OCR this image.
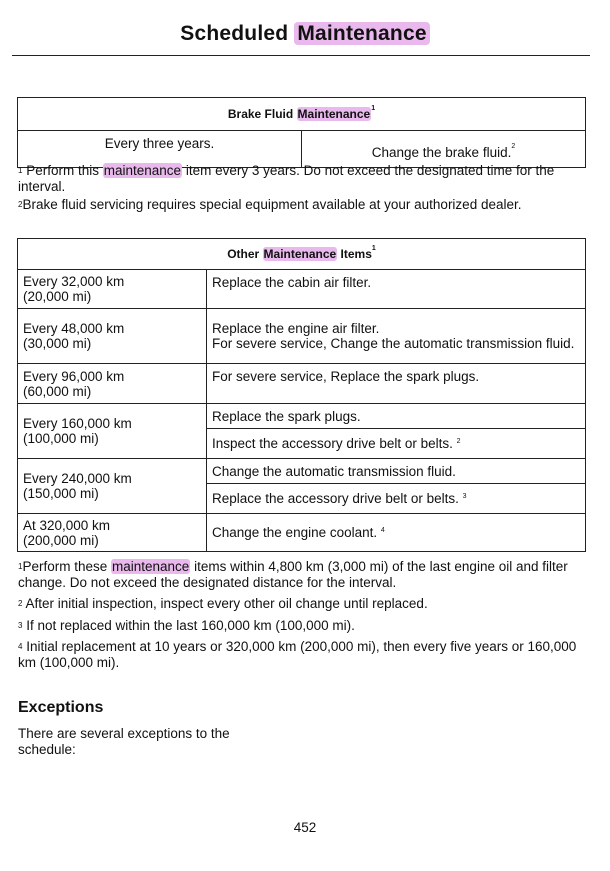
Scheduled Maintenance
Brake Fluid Maintenance$^1$
Every three years.	Change the brake fluid.$^2$

$^1$ Perform this maintenance item every 3 years. Do not exceed the designated time for the interval.

$^2$Brake fluid servicing requires special equipment available at your authorized dealer.

Other Maintenance Items$^1$
Every 32,000 km
(20,000 mi)	Replace the cabin air filter.
Every 48,000 km
(30,000 mi)	Replace the engine air filter.
For severe service, Change the automatic transmission fluid.
Every 96,000 km
(60,000 mi)	For severe service, Replace the spark plugs.
Every 160,000 km
(100,000 mi)	Replace the spark plugs.
	Inspect the accessory drive belt or belts. $^2$
Every 240,000 km
(150,000 mi)	Change the automatic transmission fluid.
	Replace the accessory drive belt or belts. $^3$
At 320,000 km
(200,000 mi)	Change the engine coolant. $^4$

$^1$Perform these maintenance items within 4,800 km (3,000 mi) of the last engine oil and filter change. Do not exceed the designated distance for the interval.

$^2$ After initial inspection, inspect every other oil change until replaced.

$^3$ If not replaced within the last 160,000 km (100,000 mi).

$^4$ Initial replacement at 10 years or 320,000 km (200,000 mi), then every five years or 160,000 km (100,000 mi).

Exceptions
There are several exceptions to the schedule:
452
